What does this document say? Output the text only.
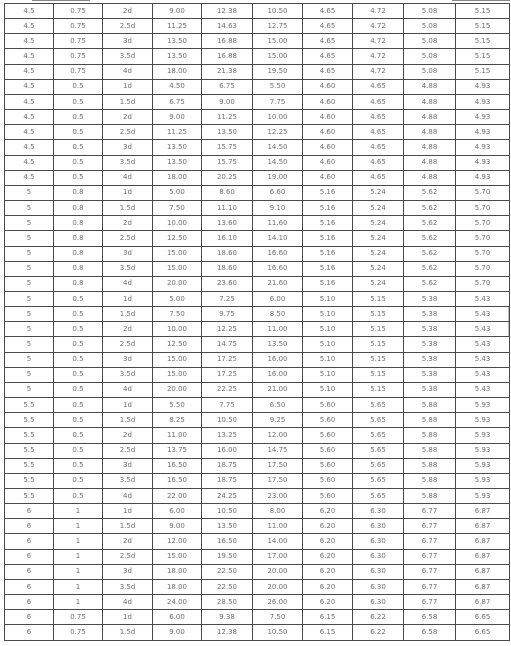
4.5	0.75	2d	9.00	12.38	10.50	4.65	4.72	5.08	5.15
4.5	0.75	2.5d	11.25	14.63	12.75	4.65	4.72	5.08	5.15
4.5	0.75	3d	13.50	16.88	15.00	4.65	4.72	5.08	5.15
4.5	0.75	3.5d	13.50	16.88	15.00	4.65	4.72	5.08	5.15
4.5	0.75	4d	18.00	21.38	19.50	4.65	4.72	5.08	5.15
4.5	0.5	1d	4.50	6.75	5.50	4.60	4.65	4.88	4.93
4.5	0.5	1.5d	6.75	9.00	7.75	4.60	4.65	4.88	4.93
4.5	0.5	2d	9.00	11.25	10.00	4.60	4.65	4.88	4.93
4.5	0.5	2.5d	11.25	13.50	12.25	4.60	4.65	4.88	4.93
4.5	0.5	3d	13.50	15.75	14.50	4.60	4.65	4.88	4.93
4.5	0.5	3.5d	13.50	15.75	14.50	4.60	4.65	4.88	4.93
4.5	0.5	4d	18.00	20.25	19.00	4.60	4.65	4.88	4.93
5	0.8	1d	5.00	8.60	6.60	5.16	5.24	5.62	5.70
5	0.8	1.5d	7.50	11.10	9.10	5.16	5.24	5.62	5.70
5	0.8	2d	10.00	13.60	11.60	5.16	5.24	5.62	5.70
5	0.8	2.5d	12.50	16.10	14.10	5.16	5.24	5.62	5.70
5	0.8	3d	15.00	18.60	16.60	5.16	5.24	5.62	5.70
5	0.8	3.5d	15.00	18.60	16.60	5.16	5.24	5.62	5.70
5	0.8	4d	20.00	23.60	21.60	5.16	5.24	5.62	5.70
5	0.5	1d	5.00	7.25	6.00	5.10	5.15	5.38	5.43
5	0.5	1.5d	7.50	9.75	8.50	5.10	5.15	5.38	5.43
5	0.5	2d	10.00	12.25	11.00	5.10	5.15	5.38	5.43
5	0.5	2.5d	12.50	14.75	13.50	5.10	5.15	5.38	5.43
5	0.5	3d	15.00	17.25	16.00	5.10	5.15	5.38	5.43
5	0.5	3.5d	15.00	17.25	16.00	5.10	5.15	5.38	5.43
5	0.5	4d	20.00	22.25	21.00	5.10	5.15	5.38	5.43
5.5	0.5	1d	5.50	7.75	6.50	5.60	5.65	5.88	5.93
5.5	0.5	1.5d	8.25	10.50	9.25	5.60	5.65	5.88	5.93
5.5	0.5	2d	11.00	13.25	12.00	5.60	5.65	5.88	5.93
5.5	0.5	2.5d	13.75	16.00	14.75	5.60	5.65	5.88	5.93
5.5	0.5	3d	16.50	18.75	17.50	5.60	5.65	5.88	5.93
5.5	0.5	3.5d	16.50	18.75	17.50	5.60	5.65	5.88	5.93
5.5	0.5	4d	22.00	24.25	23.00	5.60	5.65	5.88	5.93
6	1	1d	6.00	10.50	8.00	6.20	6.30	6.77	6.87
6	1	1.5d	9.00	13.50	11.00	6.20	6.30	6.77	6.87
6	1	2d	12.00	16.50	14.00	6.20	6.30	6.77	6.87
6	1	2.5d	15.00	19.50	17.00	6.20	6.30	6.77	6.87
6	1	3d	18.00	22.50	20.00	6.20	6.30	6.77	6.87
6	1	3.5d	18.00	22.50	20.00	6.20	6.30	6.77	6.87
6	1	4d	24.00	28.50	26.00	6.20	6.30	6.77	6.87
6	0.75	1d	6.00	9.38	7.50	6.15	6.22	6.58	6.65
6	0.75	1.5d	9.00	12.38	10.50	6.15	6.22	6.58	6.65
